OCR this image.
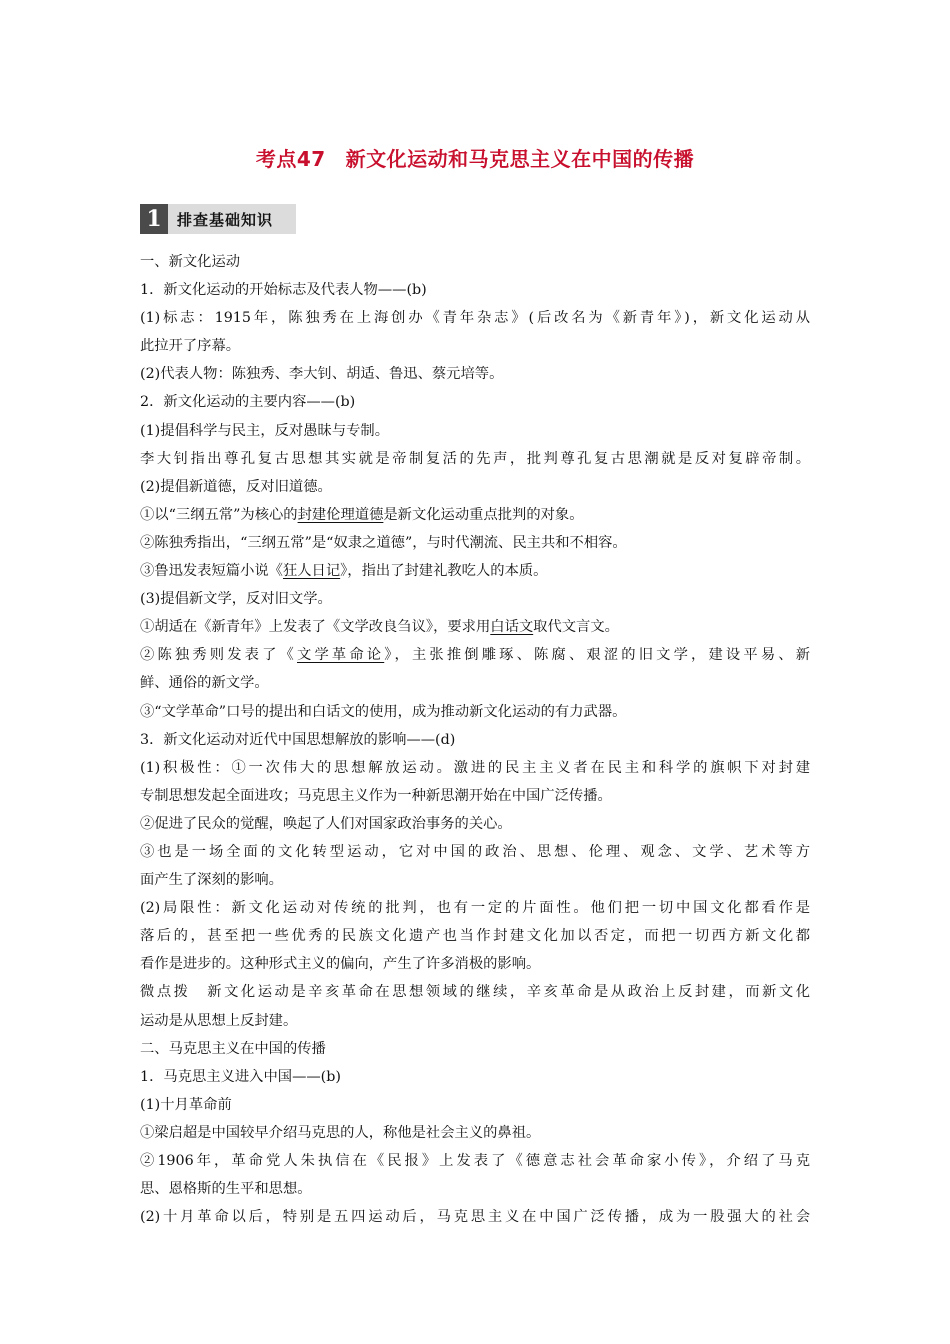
考点47 新文化运动和马克思主义在中国的传播
1	排查基础知识
一、新文化运动
1．新文化运动的开始标志及代表人物——(b)
(1)标志：1915年，陈独秀在上海创办《青年杂志》(后改名为《新青年》)，新文化运动从
此拉开了序幕。
(2)代表人物：陈独秀、李大钊、胡适、鲁迅、蔡元培等。
2．新文化运动的主要内容——(b)
(1)提倡科学与民主，反对愚昧与专制。
李大钊指出尊孔复古思想其实就是帝制复活的先声，批判尊孔复古思潮就是反对复辟帝制。
(2)提倡新道德，反对旧道德。
①以“三纲五常”为核心的封建伦理道德是新文化运动重点批判的对象。
②陈独秀指出，“三纲五常”是“奴隶之道德”，与时代潮流、民主共和不相容。
③鲁迅发表短篇小说《狂人日记》，指出了封建礼教吃人的本质。
(3)提倡新文学，反对旧文学。
①胡适在《新青年》上发表了《文学改良刍议》，要求用白话文取代文言文。
②陈独秀则发表了《文学革命论》，主张推倒雕琢、陈腐、艰涩的旧文学，建设平易、新
鲜、通俗的新文学。
③“文学革命”口号的提出和白话文的使用，成为推动新文化运动的有力武器。
3．新文化运动对近代中国思想解放的影响——(d)
(1)积极性：①一次伟大的思想解放运动。激进的民主主义者在民主和科学的旗帜下对封建
专制思想发起全面进攻；马克思主义作为一种新思潮开始在中国广泛传播。
②促进了民众的觉醒，唤起了人们对国家政治事务的关心。
③也是一场全面的文化转型运动，它对中国的政治、思想、伦理、观念、文学、艺术等方
面产生了深刻的影响。
(2)局限性：新文化运动对传统的批判，也有一定的片面性。他们把一切中国文化都看作是
落后的，甚至把一些优秀的民族文化遗产也当作封建文化加以否定，而把一切西方新文化都
看作是进步的。这种形式主义的偏向，产生了许多消极的影响。
微点拨　新文化运动是辛亥革命在思想领域的继续，辛亥革命是从政治上反封建，而新文化
运动是从思想上反封建。
二、马克思主义在中国的传播
1．马克思主义进入中国——(b)
(1)十月革命前
①梁启超是中国较早介绍马克思的人，称他是社会主义的鼻祖。
②1906年，革命党人朱执信在《民报》上发表了《德意志社会革命家小传》，介绍了马克
思、恩格斯的生平和思想。
(2)十月革命以后，特别是五四运动后，马克思主义在中国广泛传播，成为一股强大的社会
